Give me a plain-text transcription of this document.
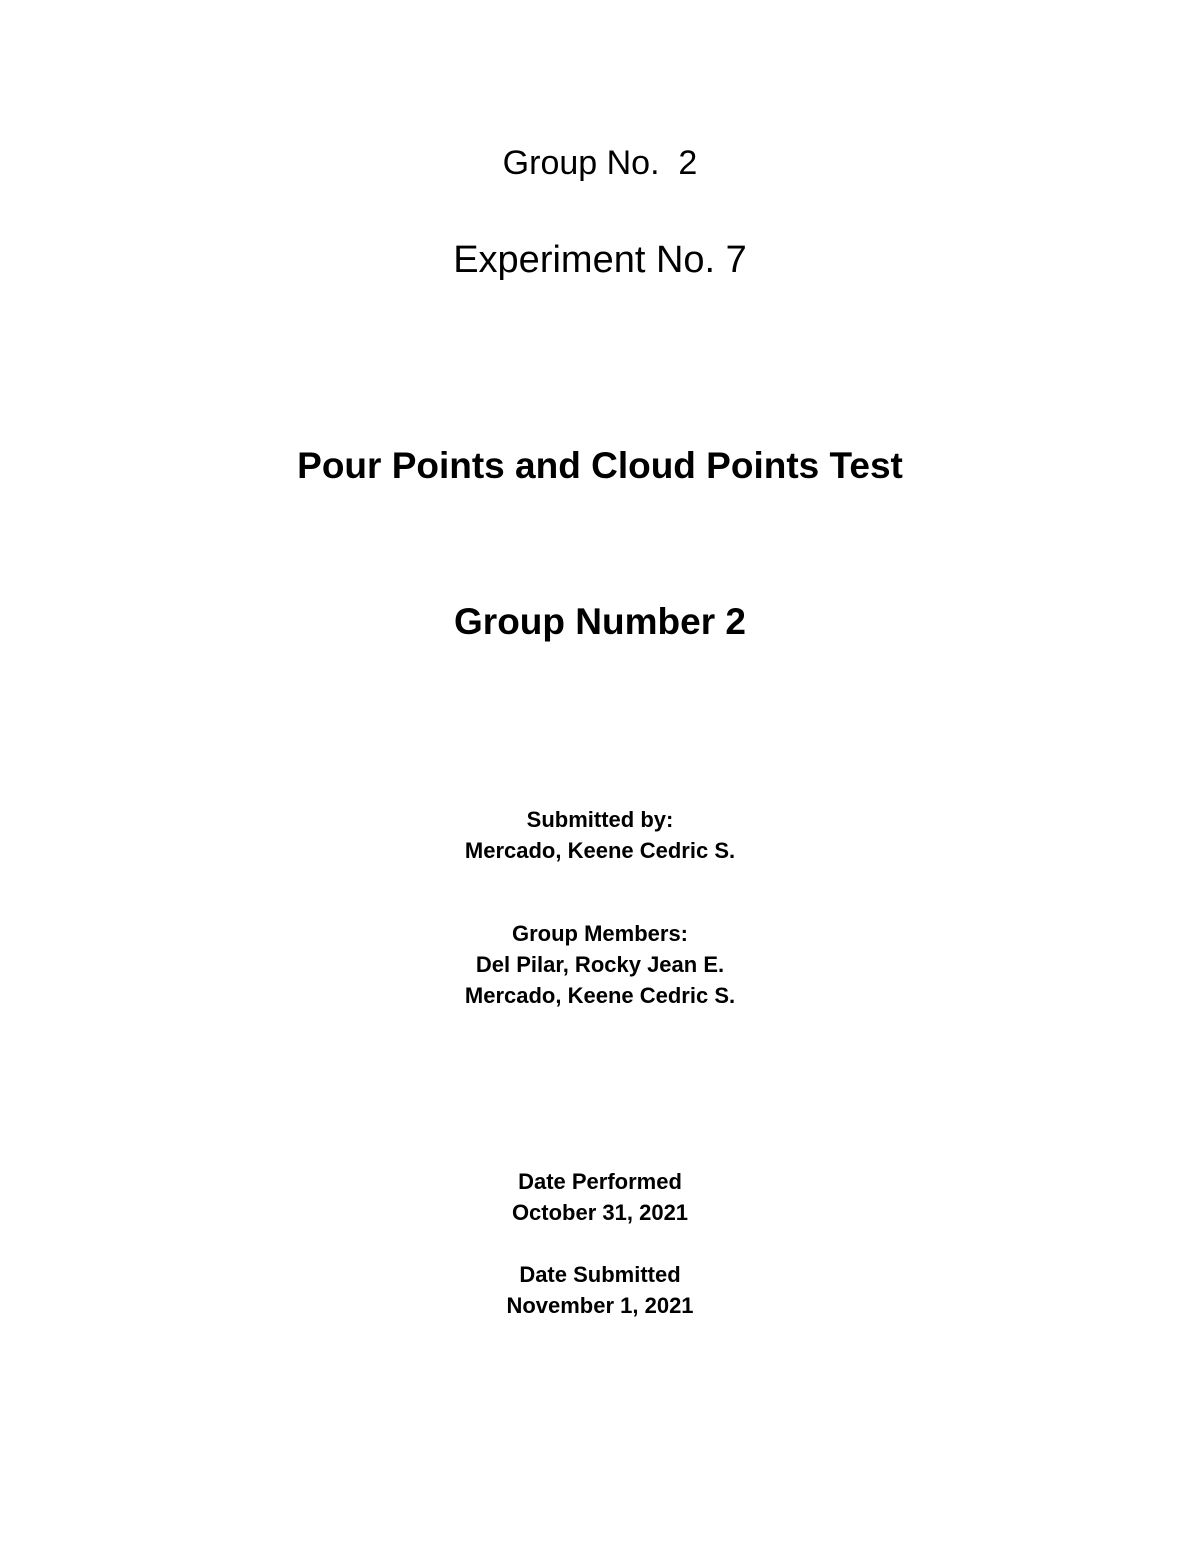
Group No.  2
Experiment No. 7
Pour Points and Cloud Points Test
Group Number 2
Submitted by:
Mercado, Keene Cedric S.
Group Members:
Del Pilar, Rocky Jean E.
Mercado, Keene Cedric S.
Date Performed
October 31, 2021
Date Submitted
November 1, 2021
